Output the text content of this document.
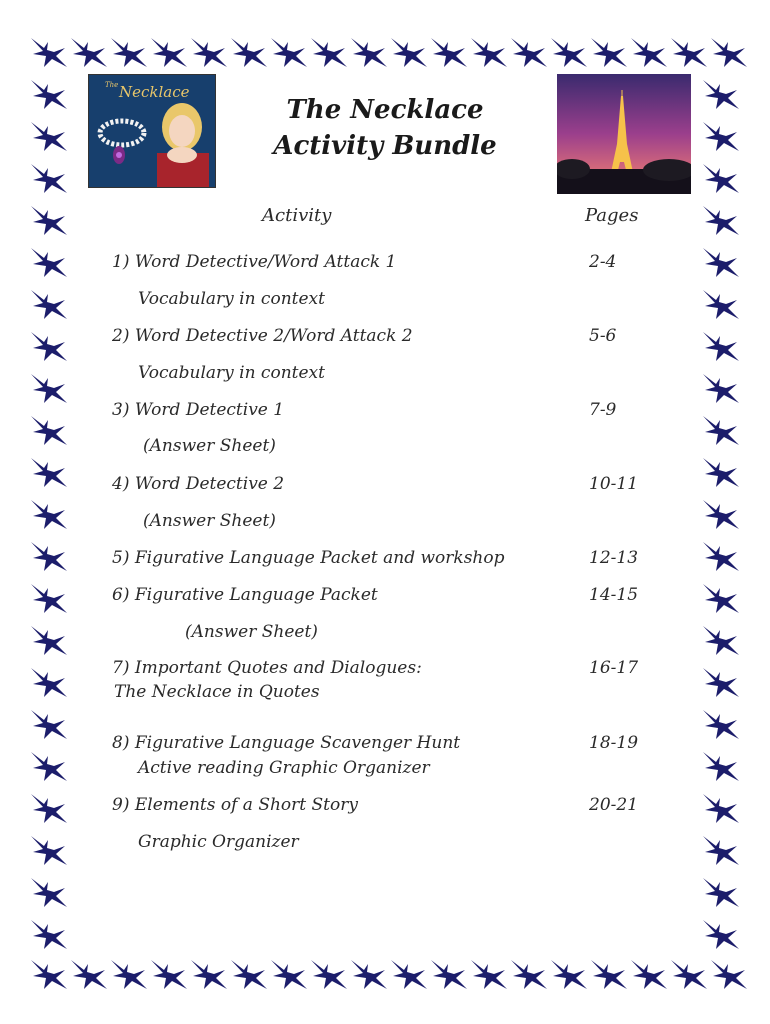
Necklace
The
The Necklace
Activity Bundle
Activity	Pages
1) Word Detective/Word Attack 1	2-4
Vocabulary in context
2) Word Detective 2/Word Attack 2	5-6
Vocabulary in context
3) Word Detective 1	7-9
(Answer Sheet)
4) Word Detective 2	10-11
(Answer Sheet)
5) Figurative Language Packet and workshop	12-13
6) Figurative Language Packet	14-15
(Answer Sheet)
7) Important Quotes and Dialogues:	16-17
The Necklace in Quotes
8) Figurative Language Scavenger Hunt	18-19
Active reading Graphic Organizer
9) Elements of a Short Story	20-21
Graphic Organizer
